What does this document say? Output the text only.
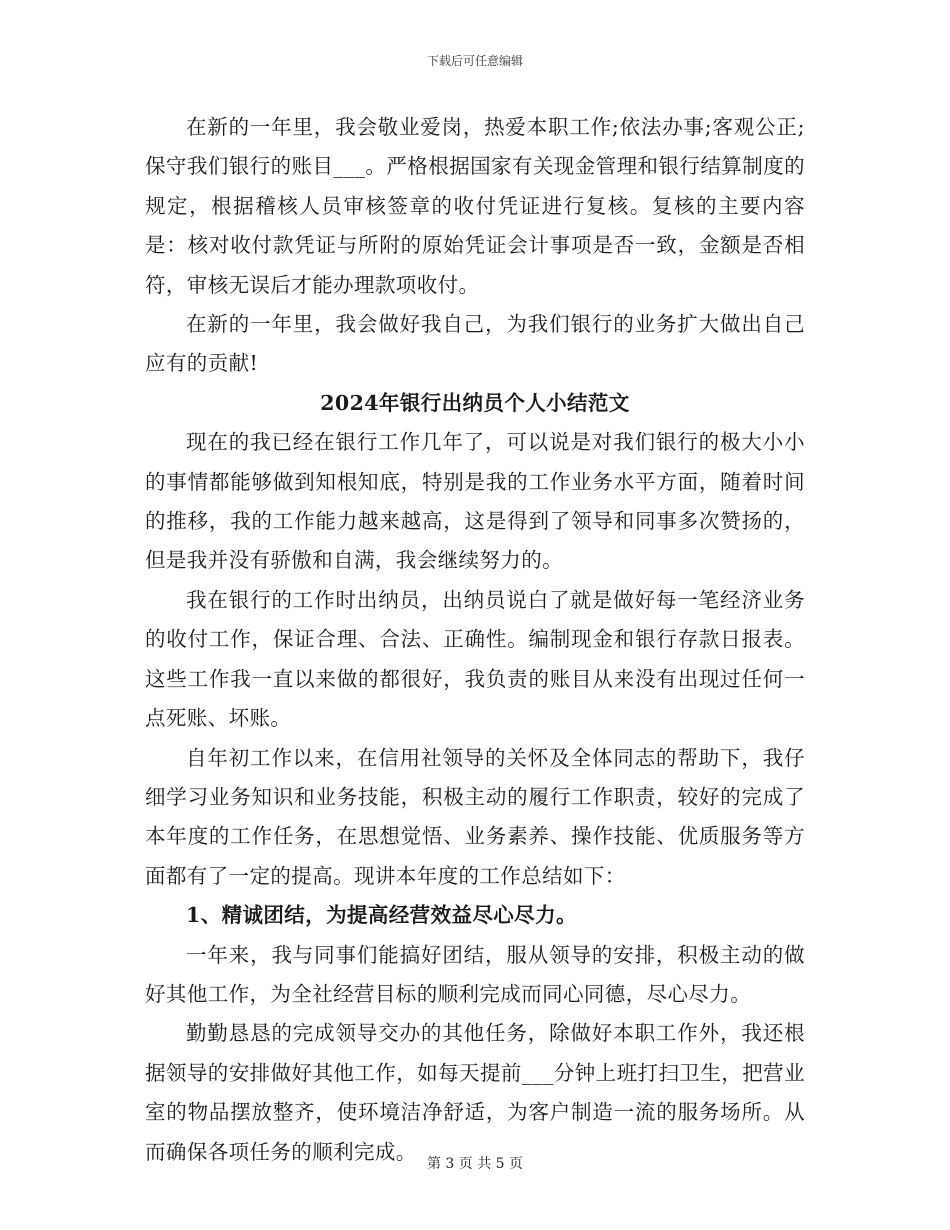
下载后可任意编辑

在新的一年里，我会敬业爱岗，热爱本职工作;依法办事;客观公正;保守我们银行的账目___。严格根据国家有关现金管理和银行结算制度的规定，根据稽核人员审核签章的收付凭证进行复核。复核的主要内容是：核对收付款凭证与所附的原始凭证会计事项是否一致，金额是否相符，审核无误后才能办理款项收付。

在新的一年里，我会做好我自己，为我们银行的业务扩大做出自己应有的贡献!

2024年银行出纳员个人小结范文

现在的我已经在银行工作几年了，可以说是对我们银行的极大小小的事情都能够做到知根知底，特别是我的工作业务水平方面，随着时间的推移，我的工作能力越来越高，这是得到了领导和同事多次赞扬的，但是我并没有骄傲和自满，我会继续努力的。

我在银行的工作时出纳员，出纳员说白了就是做好每一笔经济业务的收付工作，保证合理、合法、正确性。编制现金和银行存款日报表。这些工作我一直以来做的都很好，我负责的账目从来没有出现过任何一点死账、坏账。

自年初工作以来，在信用社领导的关怀及全体同志的帮助下，我仔细学习业务知识和业务技能，积极主动的履行工作职责，较好的完成了本年度的工作任务，在思想觉悟、业务素养、操作技能、优质服务等方面都有了一定的提高。现讲本年度的工作总结如下：

1、精诚团结，为提高经营效益尽心尽力。

一年来，我与同事们能搞好团结，服从领导的安排，积极主动的做好其他工作，为全社经营目标的顺利完成而同心同德，尽心尽力。

勤勤恳恳的完成领导交办的其他任务，除做好本职工作外，我还根据领导的安排做好其他工作，如每天提前___分钟上班打扫卫生，把营业室的物品摆放整齐，使环境洁净舒适，为客户制造一流的服务场所。从而确保各项任务的顺利完成。

第 3 页 共 5 页
